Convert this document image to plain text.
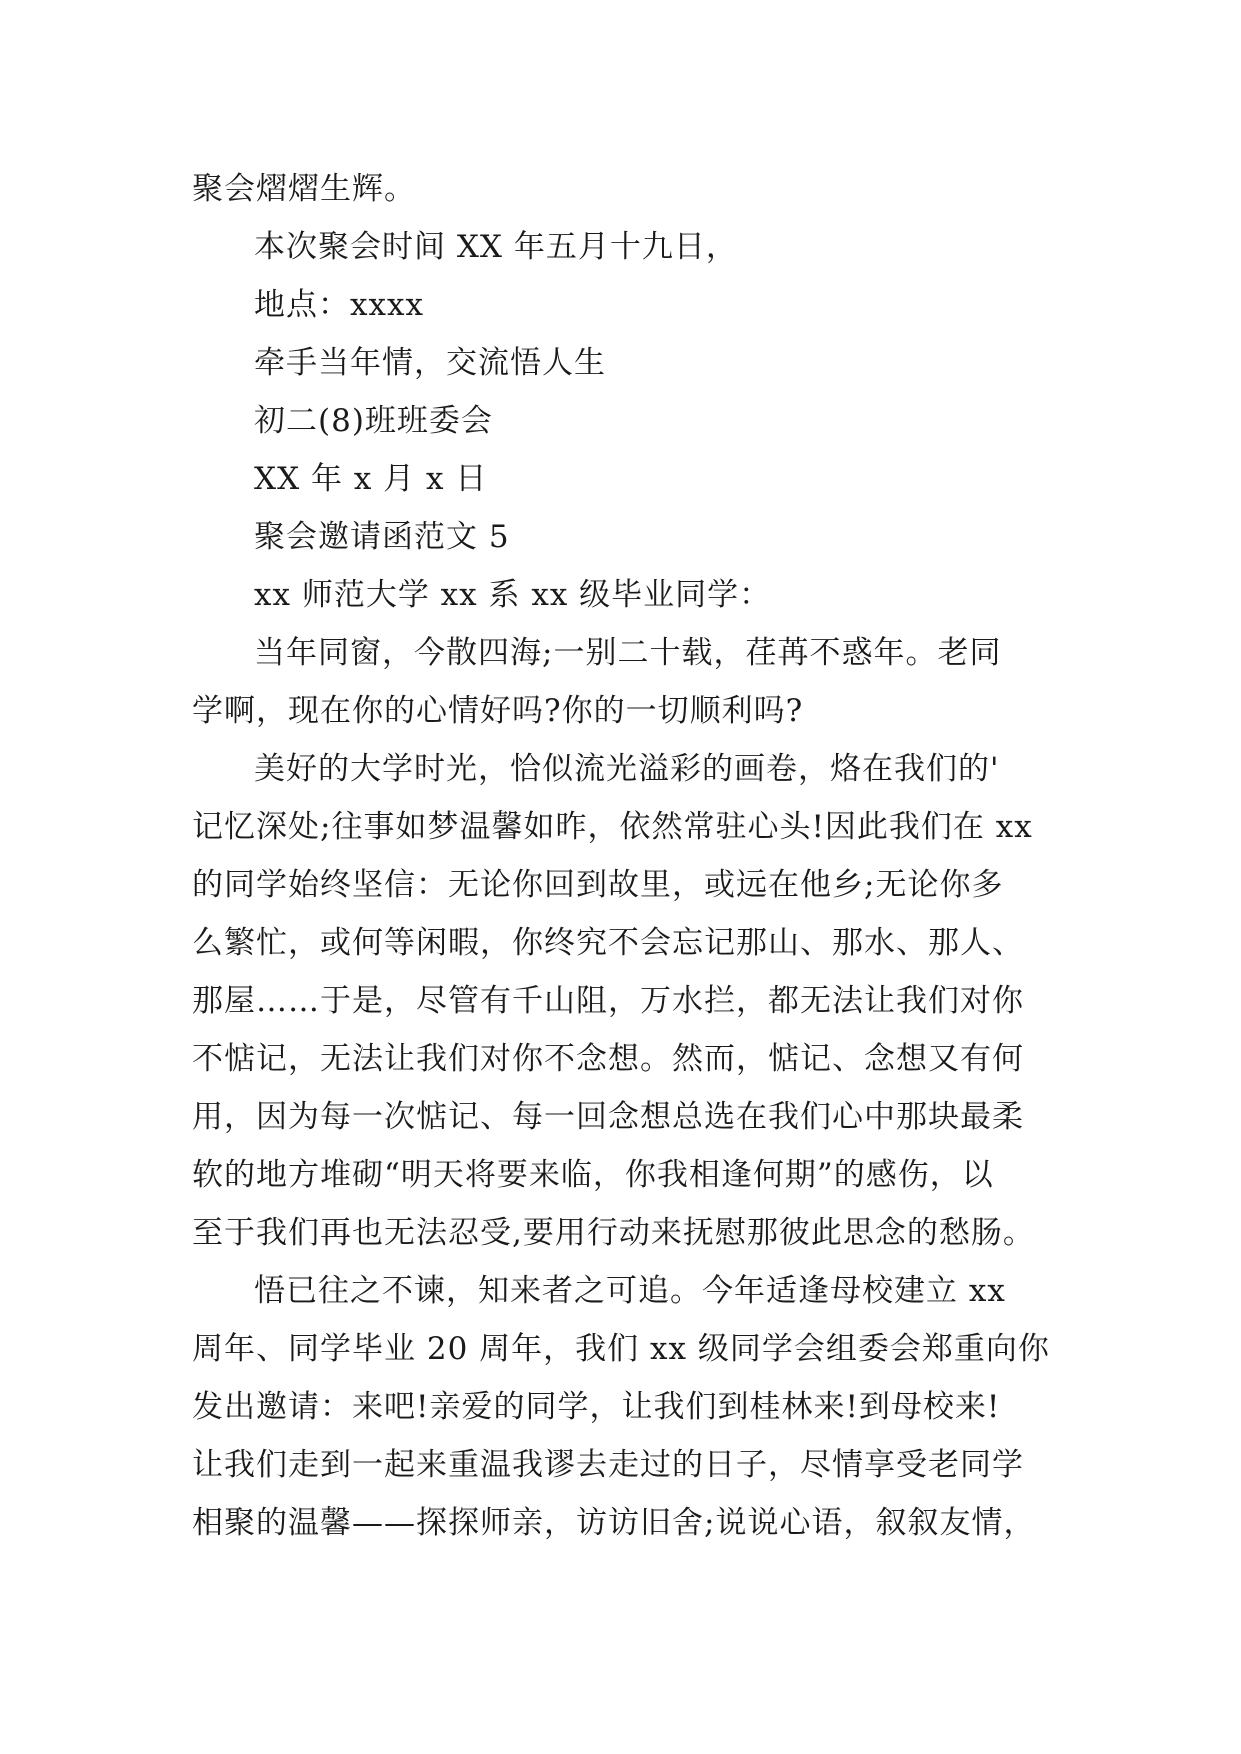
聚会熠熠生辉。
本次聚会时间 XX 年五月十九日，
地点：xxxx
牵手当年情，交流悟人生
初二(8)班班委会
XX 年 x 月 x 日
聚会邀请函范文 5
xx 师范大学 xx 系 xx 级毕业同学：
当年同窗，今散四海;一别二十载，荏苒不惑年。老同
学啊，现在你的心情好吗?你的一切顺利吗?
美好的大学时光，恰似流光溢彩的画卷，烙在我们的'
记忆深处;往事如梦温馨如昨，依然常驻心头!因此我们在 xx
的同学始终坚信：无论你回到故里，或远在他乡;无论你多
么繁忙，或何等闲暇，你终究不会忘记那山、那水、那人、
那屋……于是，尽管有千山阻，万水拦，都无法让我们对你
不惦记，无法让我们对你不念想。然而，惦记、念想又有何
用，因为每一次惦记、每一回念想总选在我们心中那块最柔
软的地方堆砌“明天将要来临，你我相逢何期”的感伤，以
至于我们再也无法忍受,要用行动来抚慰那彼此思念的愁肠。
悟已往之不谏，知来者之可追。今年适逢母校建立 xx
周年、同学毕业 20 周年，我们 xx 级同学会组委会郑重向你
发出邀请：来吧!亲爱的同学，让我们到桂林来!到母校来!
让我们走到一起来重温我谬去走过的日子，尽情享受老同学
相聚的温馨——探探师亲，访访旧舍;说说心语，叙叙友情，
